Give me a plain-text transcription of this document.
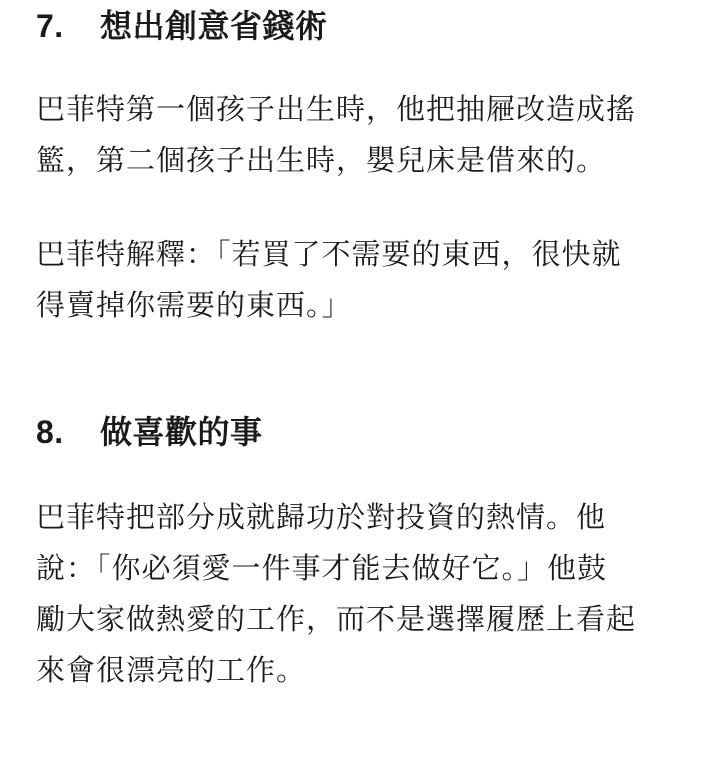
7.	想出創意省錢術

巴菲特第一個孩子出生時，他把抽屜改造成搖
籃，第二個孩子出生時，嬰兒床是借來的。

巴菲特解釋：「若買了不需要的東西，很快就
得賣掉你需要的東西。」

8.	做喜歡的事

巴菲特把部分成就歸功於對投資的熱情。他
說：「你必須愛一件事才能去做好它。」他鼓
勵大家做熱愛的工作，而不是選擇履歷上看起
來會很漂亮的工作。
